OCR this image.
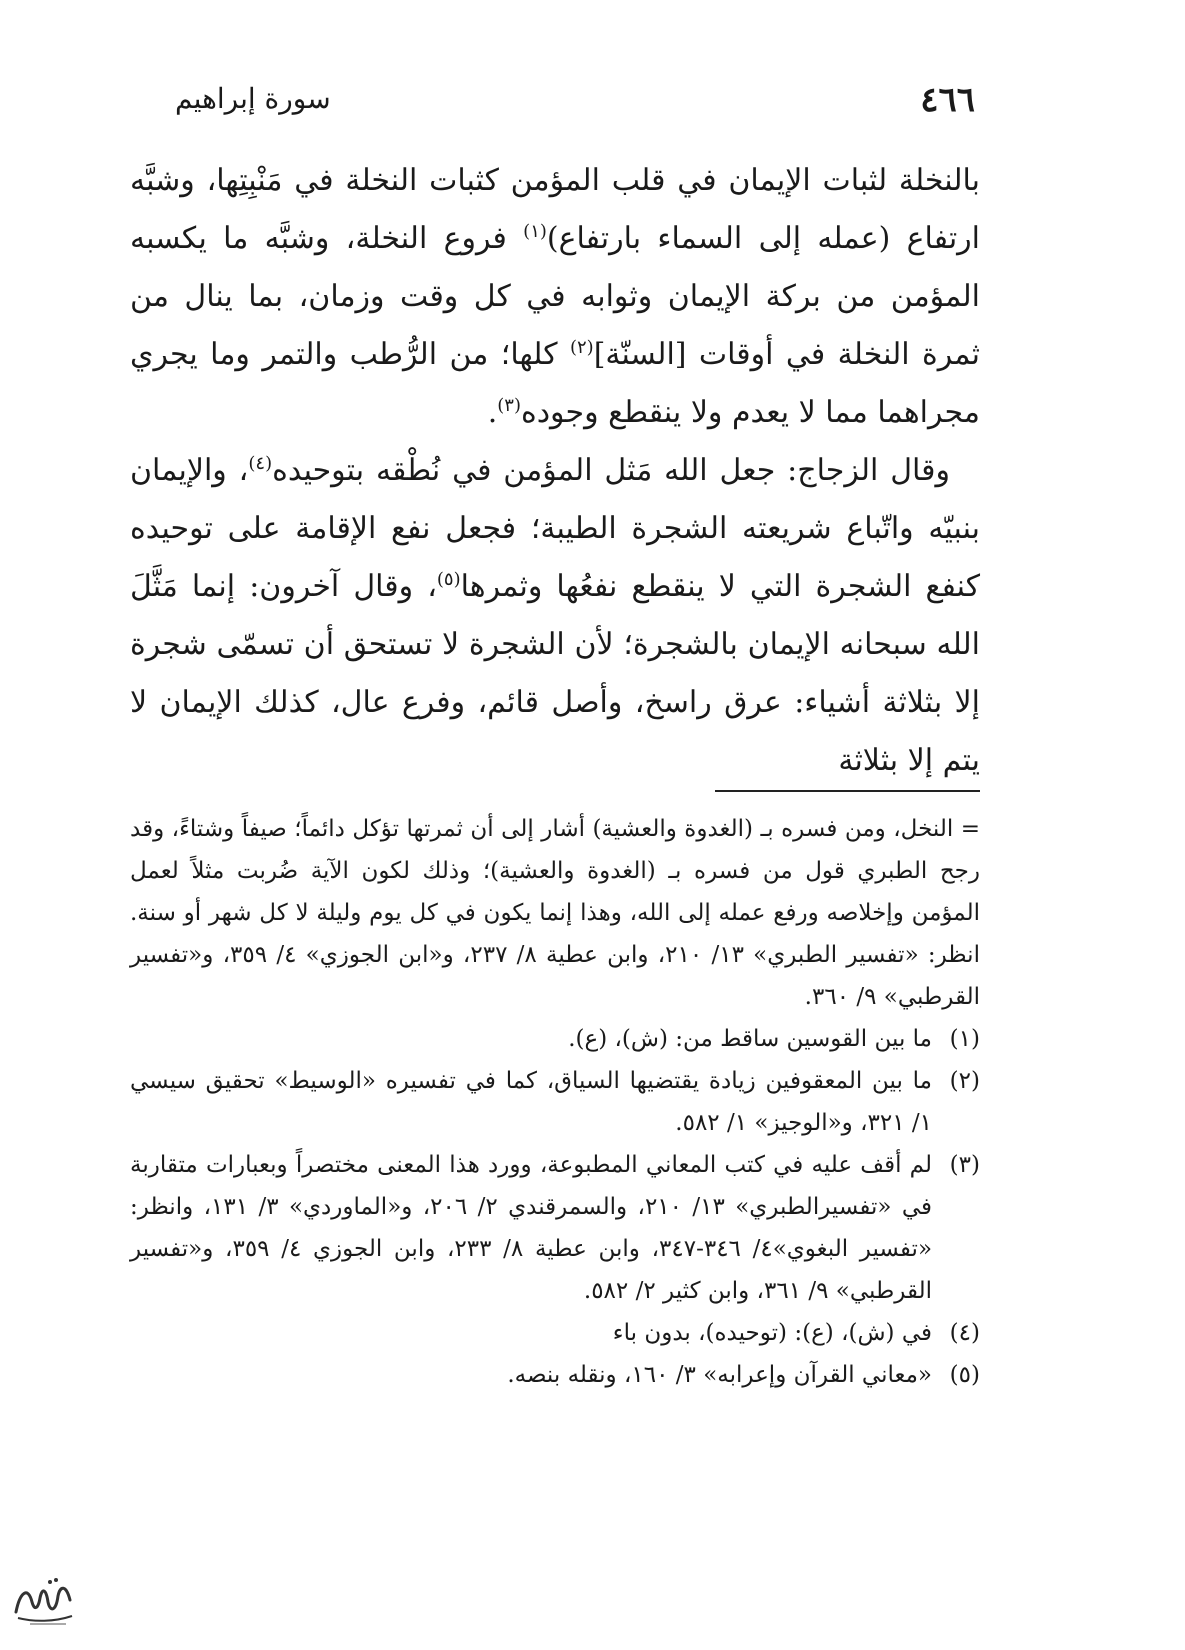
٤٦٦
سورة إبراهيم

بالنخلة لثبات الإيمان في قلب المؤمن كثبات النخلة في مَنْبِتِها، وشبَّه ارتفاع (عمله إلى السماء بارتفاع)$^{(١)}$ فروع النخلة، وشبَّه ما يكسبه المؤمن من بركة الإيمان وثوابه في كل وقت وزمان، بما ينال من ثمرة النخلة في أوقات [السنّة]$^{(٢)}$ كلها؛ من الرُّطب والتمر وما يجري مجراهما مما لا يعدم ولا ينقطع وجوده$^{(٣)}$.

وقال الزجاج: جعل الله مَثل المؤمن في نُطْقه بتوحيده$^{(٤)}$، والإيمان بنبيّه واتّباع شريعته الشجرة الطيبة؛ فجعل نفع الإقامة على توحيده كنفع الشجرة التي لا ينقطع نفعُها وثمرها$^{(٥)}$، وقال آخرون: إنما مَثَّلَ الله سبحانه الإيمان بالشجرة؛ لأن الشجرة لا تستحق أن تسمّى شجرة إلا بثلاثة أشياء: عرق راسخ، وأصل قائم، وفرع عال، كذلك الإيمان لا يتم إلا بثلاثة

= النخل، ومن فسره بـ (الغدوة والعشية) أشار إلى أن ثمرتها تؤكل دائماً؛ صيفاً وشتاءً، وقد رجح الطبري قول من فسره بـ (الغدوة والعشية)؛ وذلك لكون الآية ضُربت مثلاً لعمل المؤمن وإخلاصه ورفع عمله إلى الله، وهذا إنما يكون في كل يوم وليلة لا كل شهر أو سنة. انظر: «تفسير الطبري» ١٣/ ٢١٠، وابن عطية ٨/ ٢٣٧، و«ابن الجوزي» ٤/ ٣٥٩، و«تفسير القرطبي» ٩/ ٣٦٠.

(١)
ما بين القوسين ساقط من: (ش)، (ع).
(٢)
ما بين المعقوفين زيادة يقتضيها السياق، كما في تفسيره «الوسيط» تحقيق سيسي ١/ ٣٢١، و«الوجيز» ١/ ٥٨٢.
(٣)
لم أقف عليه في كتب المعاني المطبوعة، وورد هذا المعنى مختصراً وبعبارات متقاربة في «تفسيرالطبري» ١٣/ ٢١٠، والسمرقندي ٢/ ٢٠٦، و«الماوردي» ٣/ ١٣١، وانظر: «تفسير البغوي»٤/ ٣٤٦-٣٤٧، وابن عطية ٨/ ٢٣٣، وابن الجوزي ٤/ ٣٥٩، و«تفسير القرطبي» ٩/ ٣٦١، وابن كثير ٢/ ٥٨٢.
(٤)
في (ش)، (ع): (توحيده)، بدون باء
(٥)
«معاني القرآن وإعرابه» ٣/ ١٦٠، ونقله بنصه.
